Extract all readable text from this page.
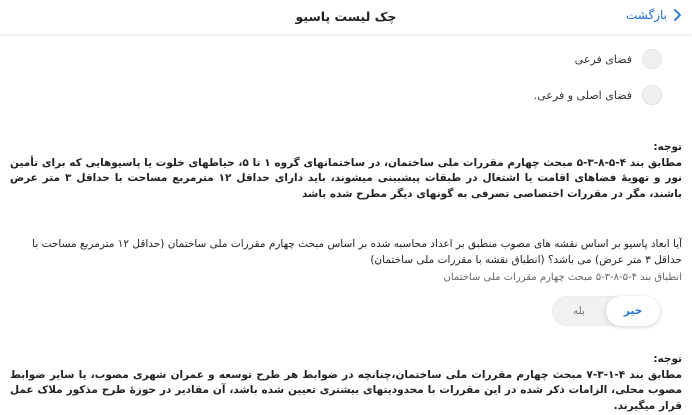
بازگشت
چک لیست پاسیو
فضای فرعی
فضای اصلی و فرعی.
توجه:
مطابق بند ۴-۵-۸-۳-۵ مبحث چهارم مقررات ملی ساختمان، در ساختمانهای گروه ۱ تا ۵، حیاطهای خلوت یا پاسیوهایی که برای تأمین نور و تهویهٔ فضاهای اقامت یا اشتغال در طبقات پیشبینی میشوند، باید دارای حداقل ۱۲ مترمربع مساحت با حداقل ۳ متر عرض باشند، مگر در مقررات اختصاصی تصرفی به گونهای دیگر مطرح شده باشد
آیا ابعاد پاسیو بر اساس نقشه های مصوب منطبق بر اعداد محاسبه شده بر اساس مبحث چهارم مقررات ملی ساختمان (حداقل ۱۲ مترمربع مساحت با حداقل ۳ متر عرض) می باشد؟ (انطباق نقشه با مقررات ملی ساختمان)
انطباق بند ۴-۵-۸-۳-۵ مبحث چهارم مقررات ملی ساختمان
خیر
بله
توجه:
مطابق بند ۴-۱-۳-۷ مبحث چهارم مقررات ملی ساختمان،چنانچه در ضوابط هر طرح توسعه و عمران شهری مصوب، یا سایر ضوابط مصوب محلی، الزامات ذکر شده در این مقررات با محدودیتهای بیشتری تعیین شده باشد، آن مقادیر در حوزهٔ طرح مذکور ملاک عمل قرار میگیرند.
